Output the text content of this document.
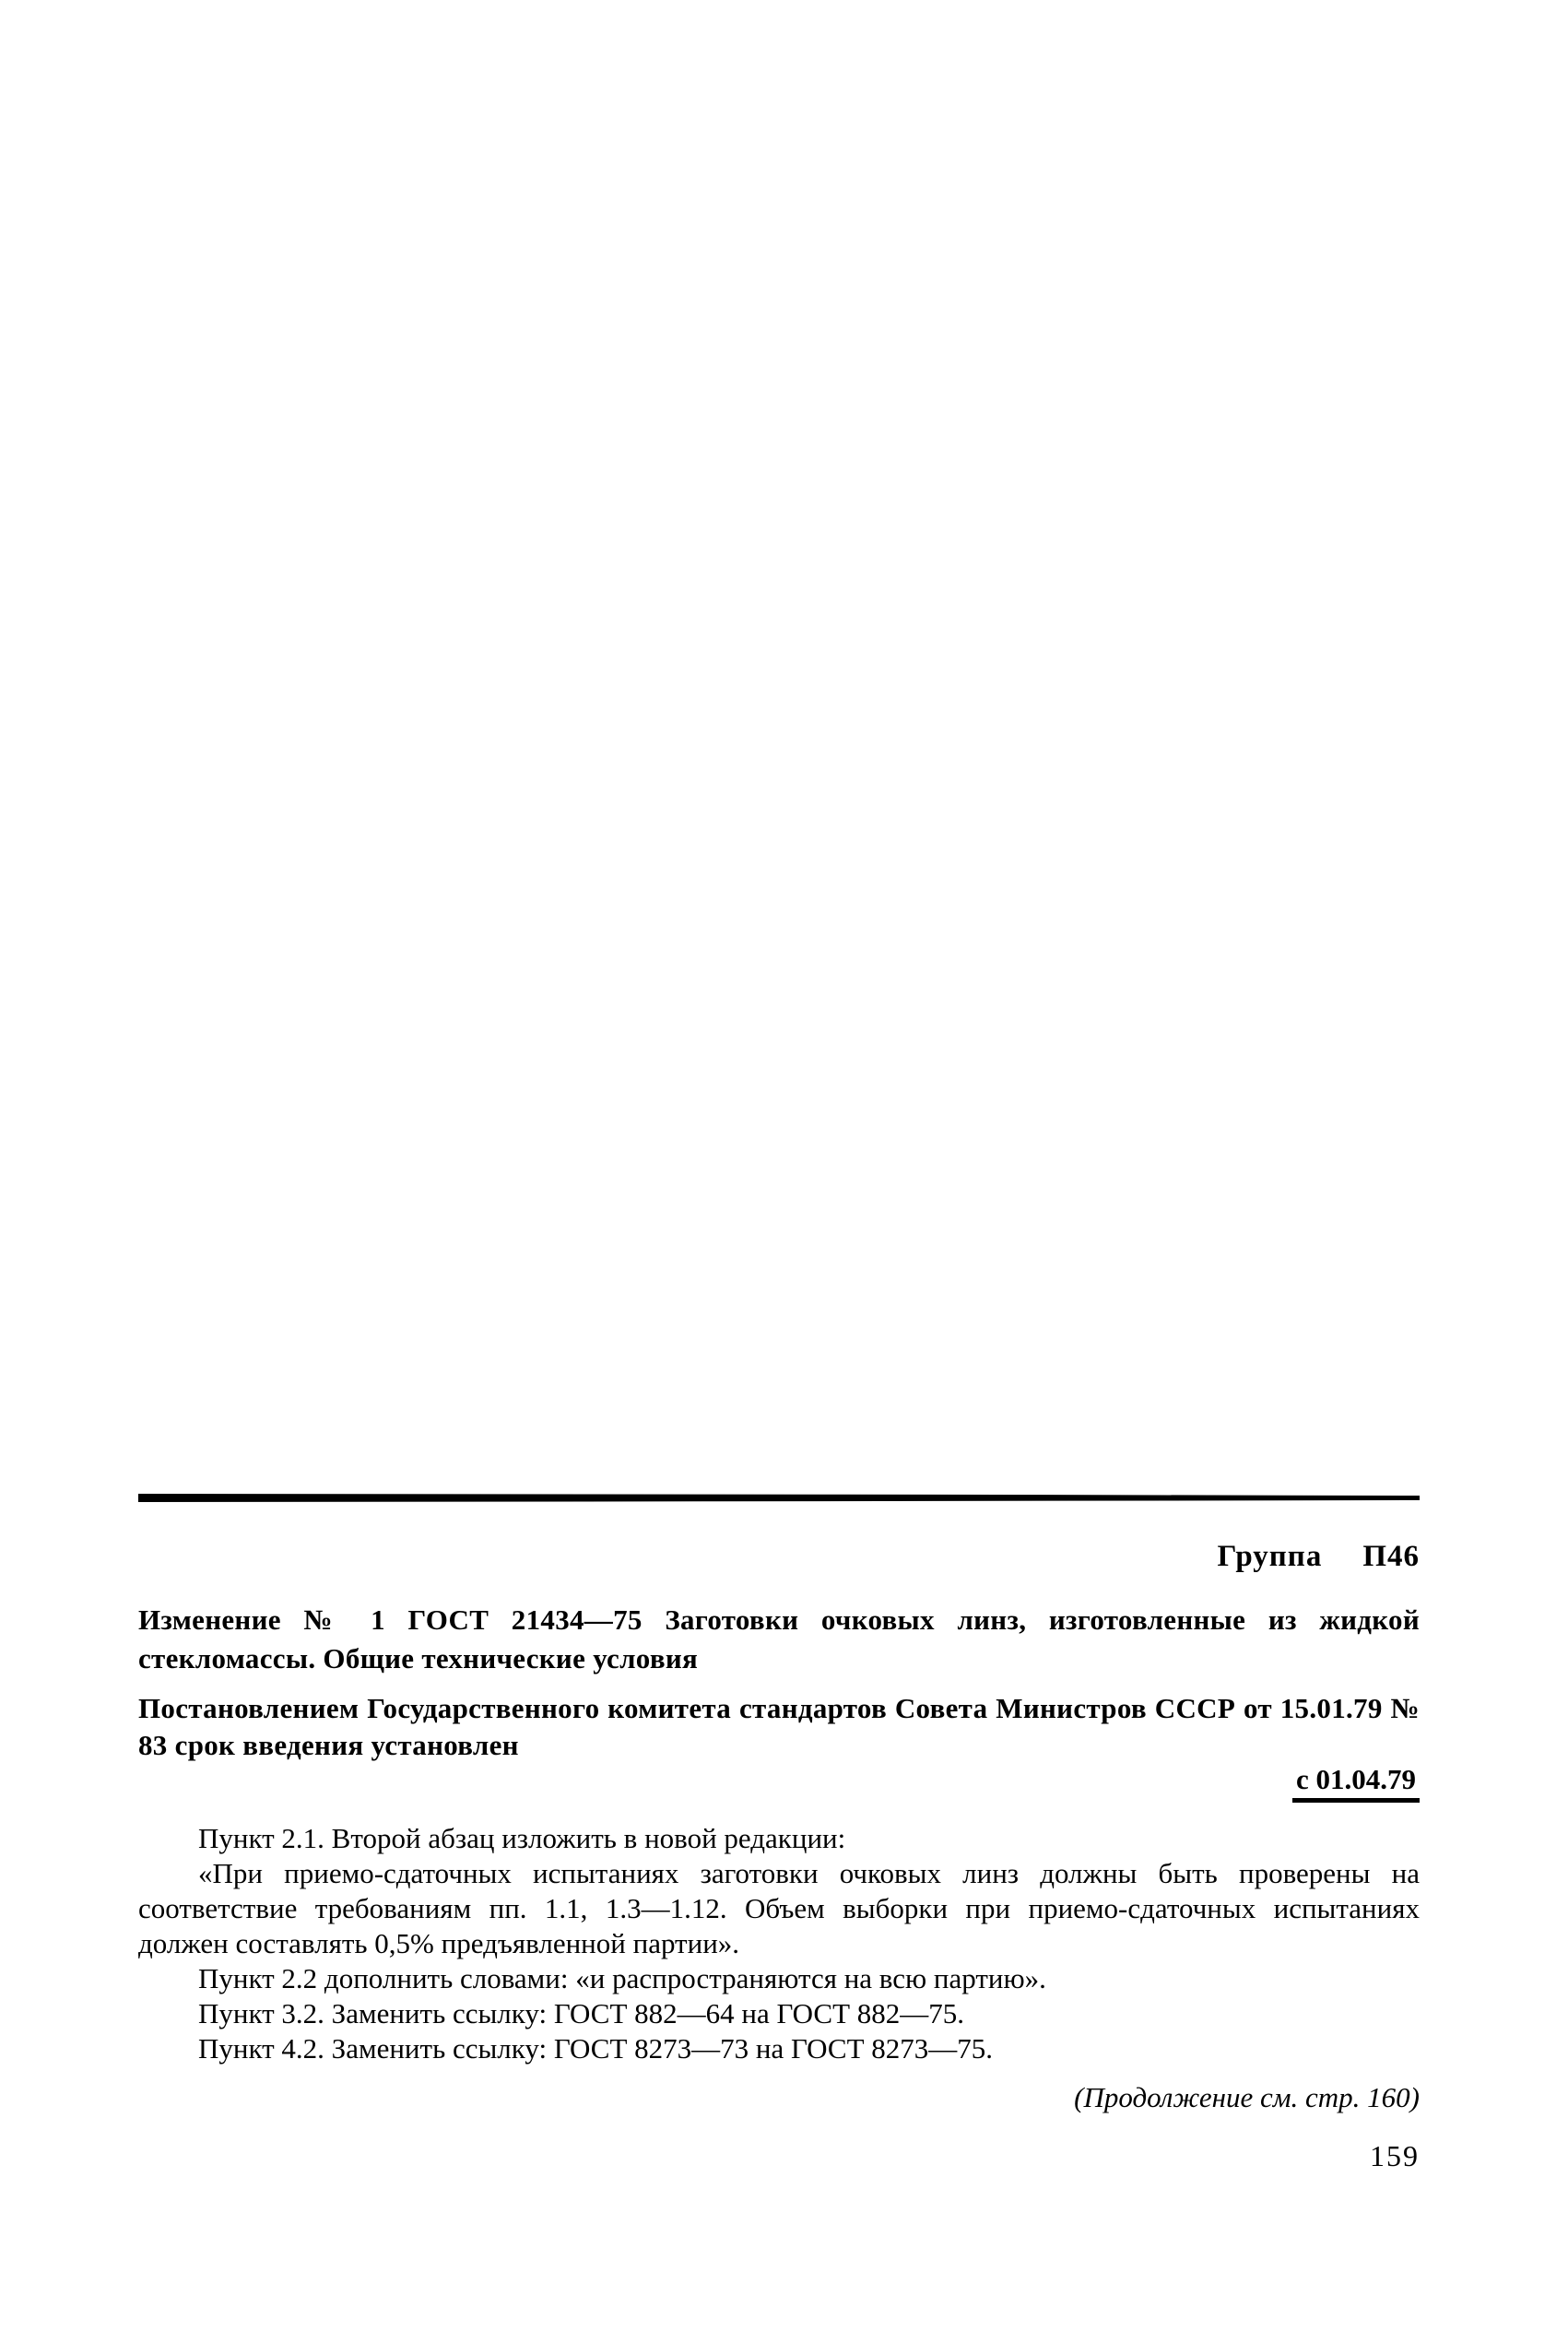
Группа П46

Изменение № 1 ГОСТ 21434—75 Заготовки очковых линз, изготовленные из жидкой стекломассы. Общие технические условия

Постановлением Государственного комитета стандартов Совета Министров СССР от 15.01.79 № 83 срок введения установлен

с 01.04.79

Пункт 2.1. Второй абзац изложить в новой редакции:

«При приемо-сдаточных испытаниях заготовки очковых линз должны быть проверены на соответствие требованиям пп. 1.1, 1.3—1.12. Объем выборки при приемо-сдаточных испытаниях должен составлять 0,5% предъявленной партии».

Пункт 2.2 дополнить словами: «и распространяются на всю партию».

Пункт 3.2. Заменить ссылку: ГОСТ 882—64 на ГОСТ 882—75.

Пункт 4.2. Заменить ссылку: ГОСТ 8273—73 на ГОСТ 8273—75.

(Продолжение см. стр. 160)
159
